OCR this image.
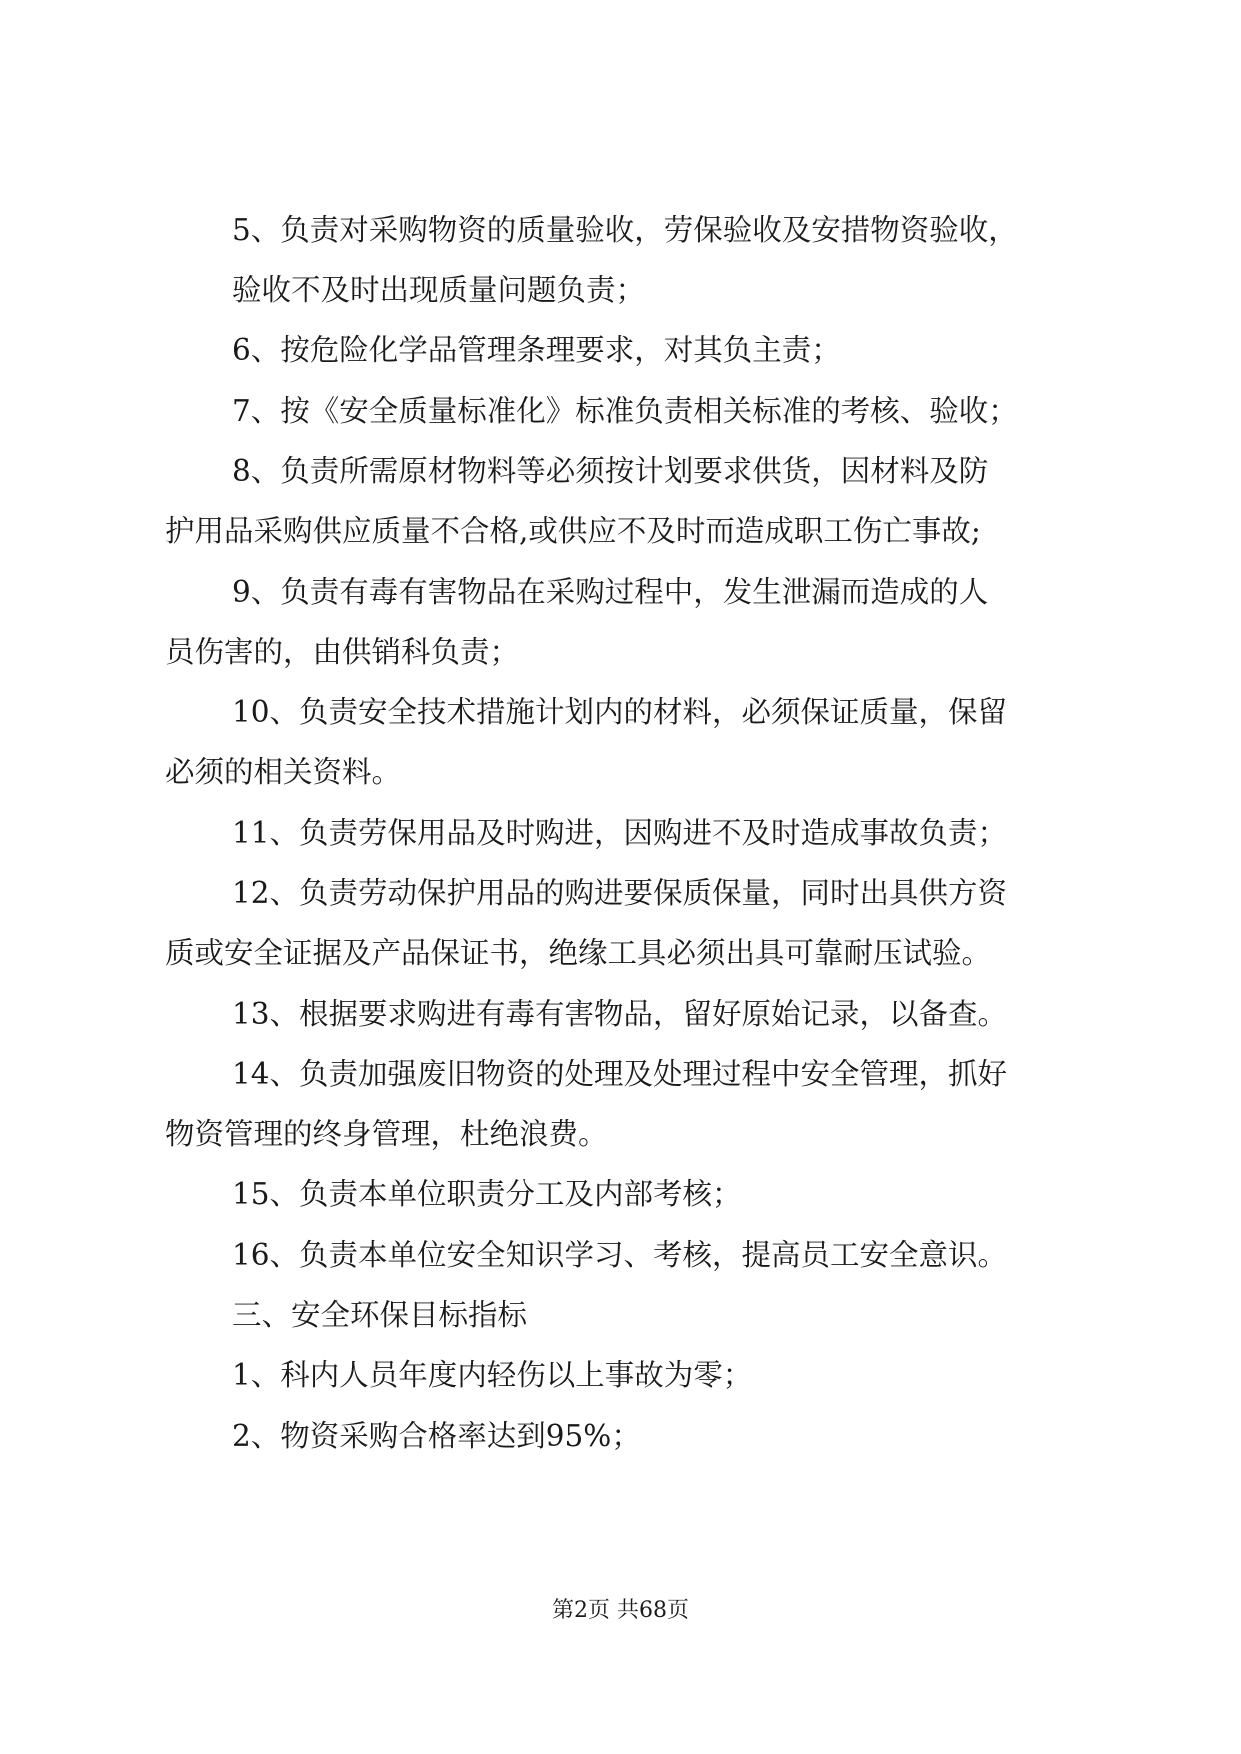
5、负责对采购物资的质量验收，劳保验收及安措物资验收，
验收不及时出现质量问题负责；
6、按危险化学品管理条理要求，对其负主责；
7、按《安全质量标准化》标准负责相关标准的考核、验收；
8、负责所需原材物料等必须按计划要求供货，因材料及防
护用品采购供应质量不合格,或供应不及时而造成职工伤亡事故;
9、负责有毒有害物品在采购过程中，发生泄漏而造成的人
员伤害的，由供销科负责；
10、负责安全技术措施计划内的材料，必须保证质量，保留
必须的相关资料。
11、负责劳保用品及时购进，因购进不及时造成事故负责；
12、负责劳动保护用品的购进要保质保量，同时出具供方资
质或安全证据及产品保证书，绝缘工具必须出具可靠耐压试验。
13、根据要求购进有毒有害物品，留好原始记录，以备查。
14、负责加强废旧物资的处理及处理过程中安全管理，抓好
物资管理的终身管理，杜绝浪费。
15、负责本单位职责分工及内部考核；
16、负责本单位安全知识学习、考核，提高员工安全意识。
三、安全环保目标指标
1、科内人员年度内轻伤以上事故为零；
2、物资采购合格率达到95%；
第2页 共68页
